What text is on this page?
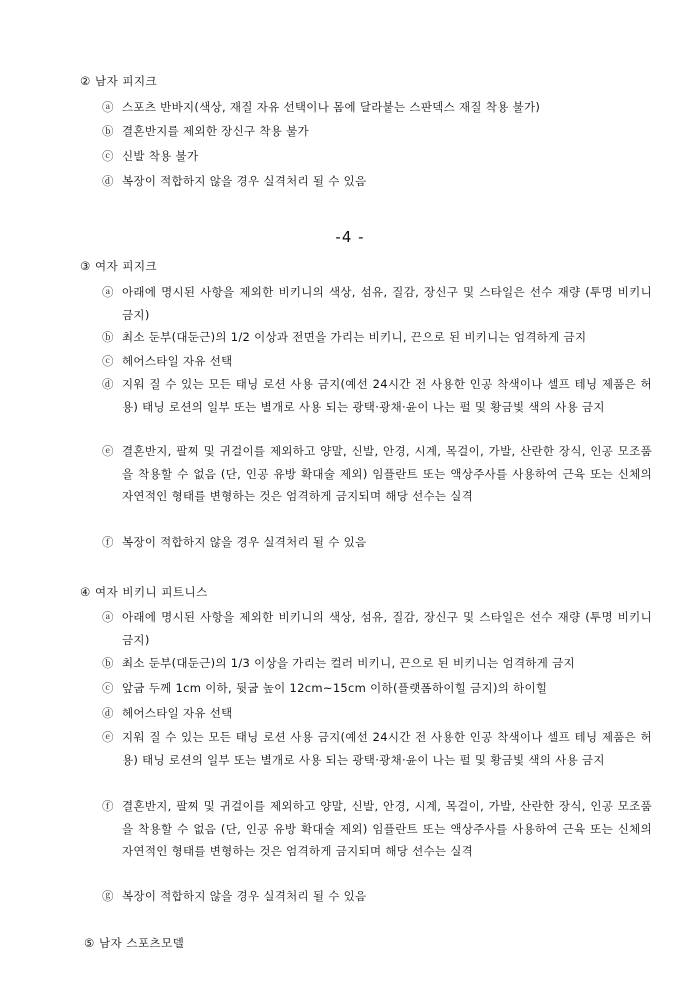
② 남자 피지크
ⓐ 스포츠 반바지(색상, 재질 자유 선택이나 몸에 달라붙는 스판덱스 재질 착용 불가)
ⓑ 결혼반지를 제외한 장신구 착용 불가
ⓒ 신발 착용 불가
ⓓ 복장이 적합하지 않을 경우 실격처리 될 수 있음
-4 -
③ 여자 피지크
ⓐ 아래에 명시된 사항을 제외한 비키니의 색상, 섬유, 질감, 장신구 및 스타일은 선수 재량 (투명 비키니 금지)
ⓑ 최소 둔부(대둔근)의 1/2 이상과 전면을 가리는 비키니, 끈으로 된 비키니는 엄격하게 금지
ⓒ 헤어스타일 자유 선택
ⓓ 지워 질 수 있는 모든 태닝 로션 사용 금지(예선 24시간 전 사용한 인공 착색이나 셀프 테닝 제품은 허용) 태닝 로션의 일부 또는 별개로 사용 되는 광택·광채·윤이 나는 펄 및 황금빛 색의 사용 금지
ⓔ 결혼반지, 팔찌 및 귀걸이를 제외하고 양말, 신발, 안경, 시계, 목걸이, 가발, 산란한 장식, 인공 모조품을 착용할 수 없음 (단, 인공 유방 확대술 제외) 임플란트 또는 액상주사를 사용하여 근육 또는 신체의 자연적인 형태를 변형하는 것은 엄격하게 금지되며 해당 선수는 실격
ⓕ 복장이 적합하지 않을 경우 실격처리 될 수 있음
④ 여자 비키니 피트니스
ⓐ 아래에 명시된 사항을 제외한 비키니의 색상, 섬유, 질감, 장신구 및 스타일은 선수 재량 (투명 비키니 금지)
ⓑ 최소 둔부(대둔근)의 1/3 이상을 가리는 컬러 비키니, 끈으로 된 비키니는 엄격하게 금지
ⓒ 앞굽 두께 1cm 이하, 뒷굽 높이 12cm~15cm 이하(플랫폼하이힐 금지)의 하이힐
ⓓ 헤어스타일 자유 선택
ⓔ 지워 질 수 있는 모든 태닝 로션 사용 금지(예선 24시간 전 사용한 인공 착색이나 셀프 테닝 제품은 허용) 태닝 로션의 일부 또는 별개로 사용 되는 광택·광채·윤이 나는 펄 및 황금빛 색의 사용 금지
ⓕ 결혼반지, 팔찌 및 귀걸이를 제외하고 양말, 신발, 안경, 시계, 목걸이, 가발, 산란한 장식, 인공 모조품을 착용할 수 없음 (단, 인공 유방 확대술 제외) 임플란트 또는 액상주사를 사용하여 근육 또는 신체의 자연적인 형태를 변형하는 것은 엄격하게 금지되며 해당 선수는 실격
ⓖ 복장이 적합하지 않을 경우 실격처리 될 수 있음
⑤ 남자 스포츠모델
